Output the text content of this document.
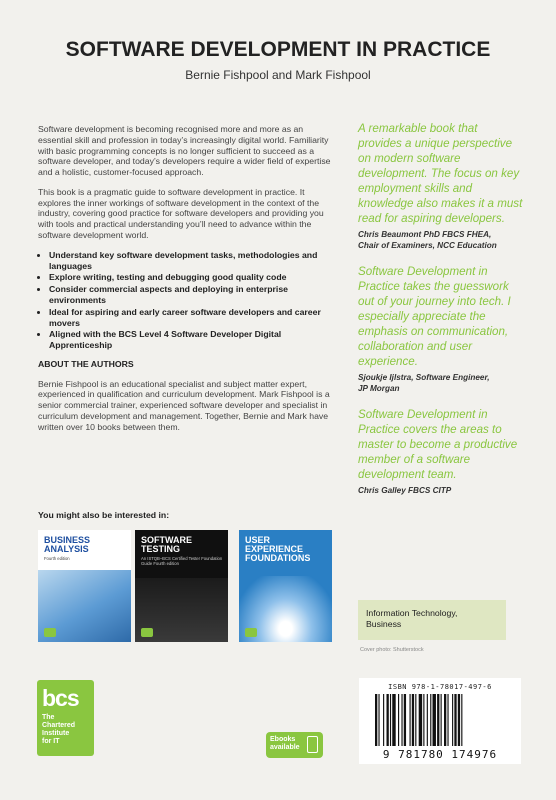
SOFTWARE DEVELOPMENT IN PRACTICE
Bernie Fishpool and Mark Fishpool

Software development is becoming recognised more and more as an essential skill and profession in today’s increasingly digital world. Familiarity with basic programming concepts is no longer sufficient to succeed as a software developer, and today’s developers require a wider field of expertise and a holistic, customer-focused approach.

This book is a pragmatic guide to software development in practice. It explores the inner workings of software development in the context of the industry, covering good practice for software developers and providing you with tools and practical understanding you’ll need to advance within the software development world.

• Understand key software development tasks, methodologies and languages
• Explore writing, testing and debugging good quality code
• Consider commercial aspects and deploying in enterprise environments
• Ideal for aspiring and early career software developers and career movers
• Aligned with the BCS Level 4 Software Developer Digital Apprenticeship

ABOUT THE AUTHORS

Bernie Fishpool is an educational specialist and subject matter expert, experienced in qualification and curriculum development. Mark Fishpool is a senior commercial trainer, experienced software developer and specialist in curriculum development and management. Together, Bernie and Mark have written over 10 books between them.

You might also be interested in:
BUSINESS
ANALYSIS
Fourth edition
SOFTWARE
TESTING
An ISTQB–BCS Certified Tester Foundation Guide Fourth edition
USER
EXPERIENCE
FOUNDATIONS

A remarkable book that provides a unique perspective on modern software development. The focus on key employment skills and knowledge also makes it a must read for aspiring developers.

Chris Beaumont PhD FBCS FHEA,
Chair of Examiners, NCC Education

Software Development in Practice takes the guesswork out of your journey into tech. I especially appreciate the emphasis on communication, collaboration and user experience.

Sjoukje Ijlstra, Software Engineer,
JP Morgan

Software Development in Practice covers the areas to master to become a productive member of a software development team.

Chris Galley FBCS CITP

Information Technology,
Business
Cover photo: Shutterstock
bcs
The
Chartered
Institute
for IT	Ebooks
available
ISBN 978-1-78017-497-6
9 781780 174976
